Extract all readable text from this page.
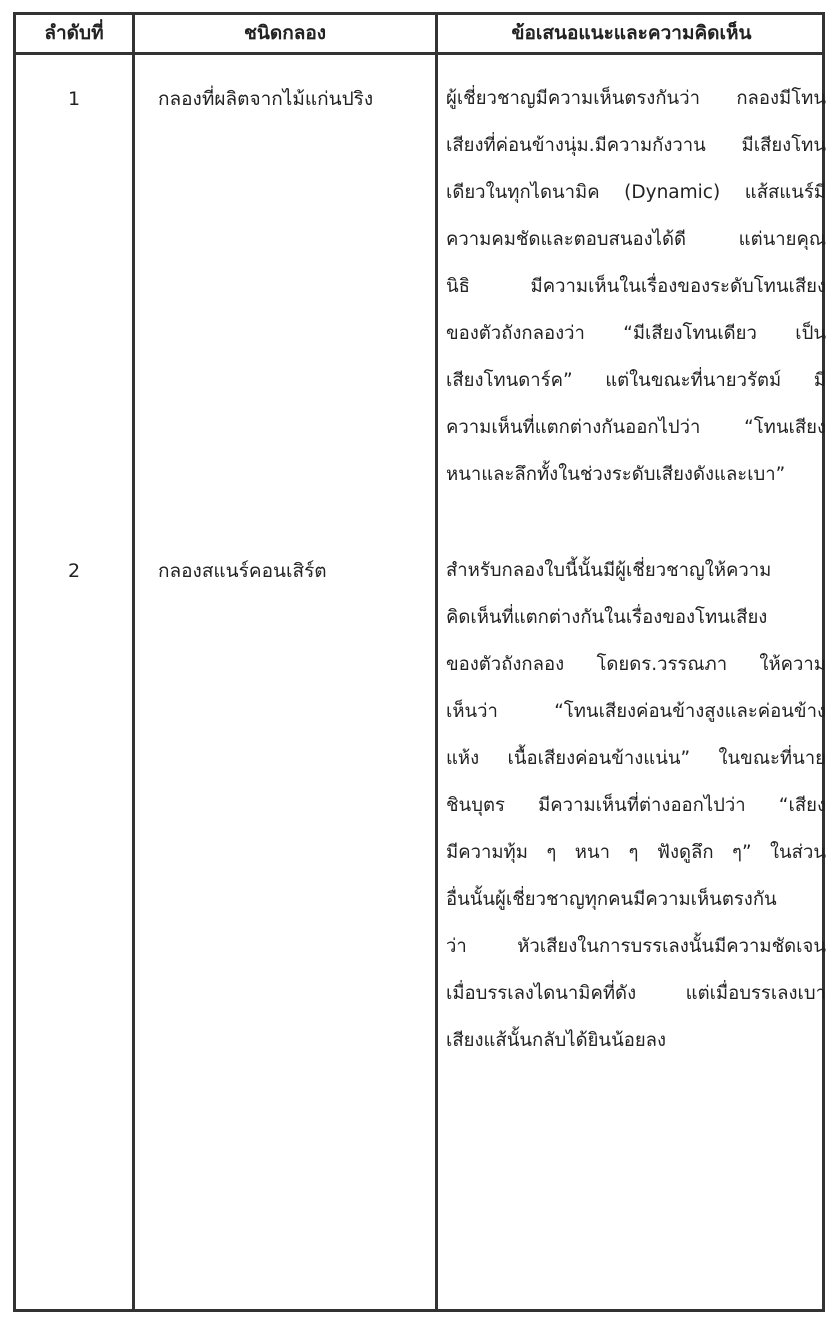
ลำดับที่	ชนิดกลอง	ข้อเสนอแนะและความคิดเห็น
1	กลองที่ผลิตจากไม้แก่นปริง	ผู้เชี่ยวชาญมีความเห็นตรงกันว่า กลองมีโทน
เสียงที่ค่อนข้างนุ่ม.มีความกังวาน มีเสียงโทน
เดียวในทุกไดนามิค (Dynamic) แส้สแนร์มี
ความคมชัดและตอบสนองได้ดี แต่นายคุณ
นิธิ มีความเห็นในเรื่องของระดับโทนเสียง
ของตัวถังกลองว่า “มีเสียงโทนเดียว เป็น
เสียงโทนดาร์ค” แต่ในขณะที่นายวรัตม์ มี
ความเห็นที่แตกต่างกันออกไปว่า “โทนเสียง
หนาและลึกทั้งในช่วงระดับเสียงดังและเบา”
2	กลองสแนร์คอนเสิร์ต	สำหรับกลองใบนี้นั้นมีผู้เชี่ยวชาญให้ความ
คิดเห็นที่แตกต่างกันในเรื่องของโทนเสียง
ของตัวถังกลอง โดยดร.วรรณภา ให้ความ
เห็นว่า “โทนเสียงค่อนข้างสูงและค่อนข้าง
แห้ง เนื้อเสียงค่อนข้างแน่น” ในขณะที่นาย
ชินบุตร มีความเห็นที่ต่างออกไปว่า “เสียง
มีความทุ้ม ๆ หนา ๆ ฟังดูลึก ๆ” ในส่วน
อื่นนั้นผู้เชี่ยวชาญทุกคนมีความเห็นตรงกัน
ว่า หัวเสียงในการบรรเลงนั้นมีความชัดเจน
เมื่อบรรเลงไดนามิคที่ดัง แต่เมื่อบรรเลงเบา
เสียงแส้นั้นกลับได้ยินน้อยลง
